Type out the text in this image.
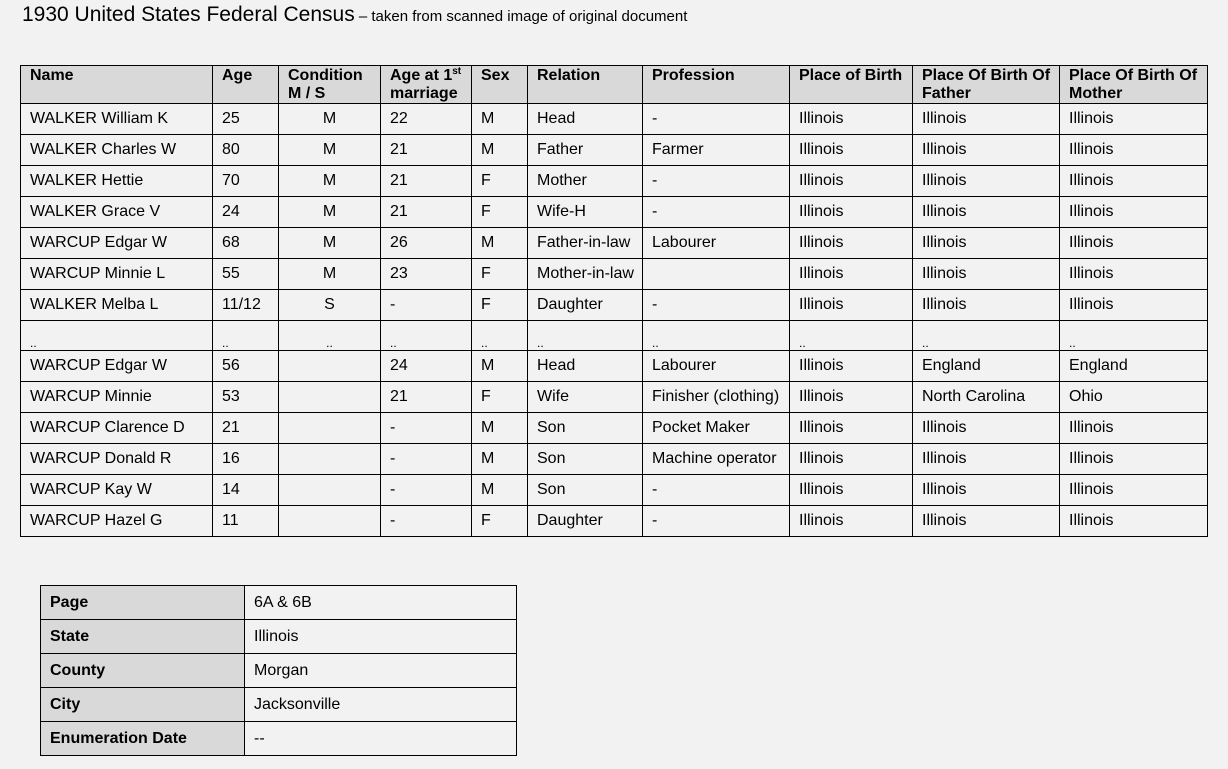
1930 United States Federal Census – taken from scanned image of original document
Name	Age	Condition M / S	Age at 1st
marriage	Sex	Relation	Profession	Place of Birth	Place Of Birth Of Father	Place Of Birth Of Mother
WALKER William K	25	M	22	M	Head	-	Illinois	Illinois	Illinois
WALKER Charles W	80	M	21	M	Father	Farmer	Illinois	Illinois	Illinois
WALKER Hettie	70	M	21	F	Mother	-	Illinois	Illinois	Illinois
WALKER Grace V	24	M	21	F	Wife-H	-	Illinois	Illinois	Illinois
WARCUP Edgar W	68	M	26	M	Father-in-law	Labourer	Illinois	Illinois	Illinois
WARCUP Minnie L	55	M	23	F	Mother-in-law		Illinois	Illinois	Illinois
WALKER Melba L	11/12	S	-	F	Daughter	-	Illinois	Illinois	Illinois
..	..	..	..	..	..	..	..	..	..
WARCUP Edgar W	56		24	M	Head	Labourer	Illinois	England	England
WARCUP Minnie	53		21	F	Wife	Finisher (clothing)	Illinois	North Carolina	Ohio
WARCUP Clarence D	21		-	M	Son	Pocket Maker	Illinois	Illinois	Illinois
WARCUP Donald R	16		-	M	Son	Machine operator	Illinois	Illinois	Illinois
WARCUP Kay W	14		-	M	Son	-	Illinois	Illinois	Illinois
WARCUP Hazel G	11		-	F	Daughter	-	Illinois	Illinois	Illinois
Page	6A & 6B
State	Illinois
County	Morgan
City	Jacksonville
Enumeration Date	--
